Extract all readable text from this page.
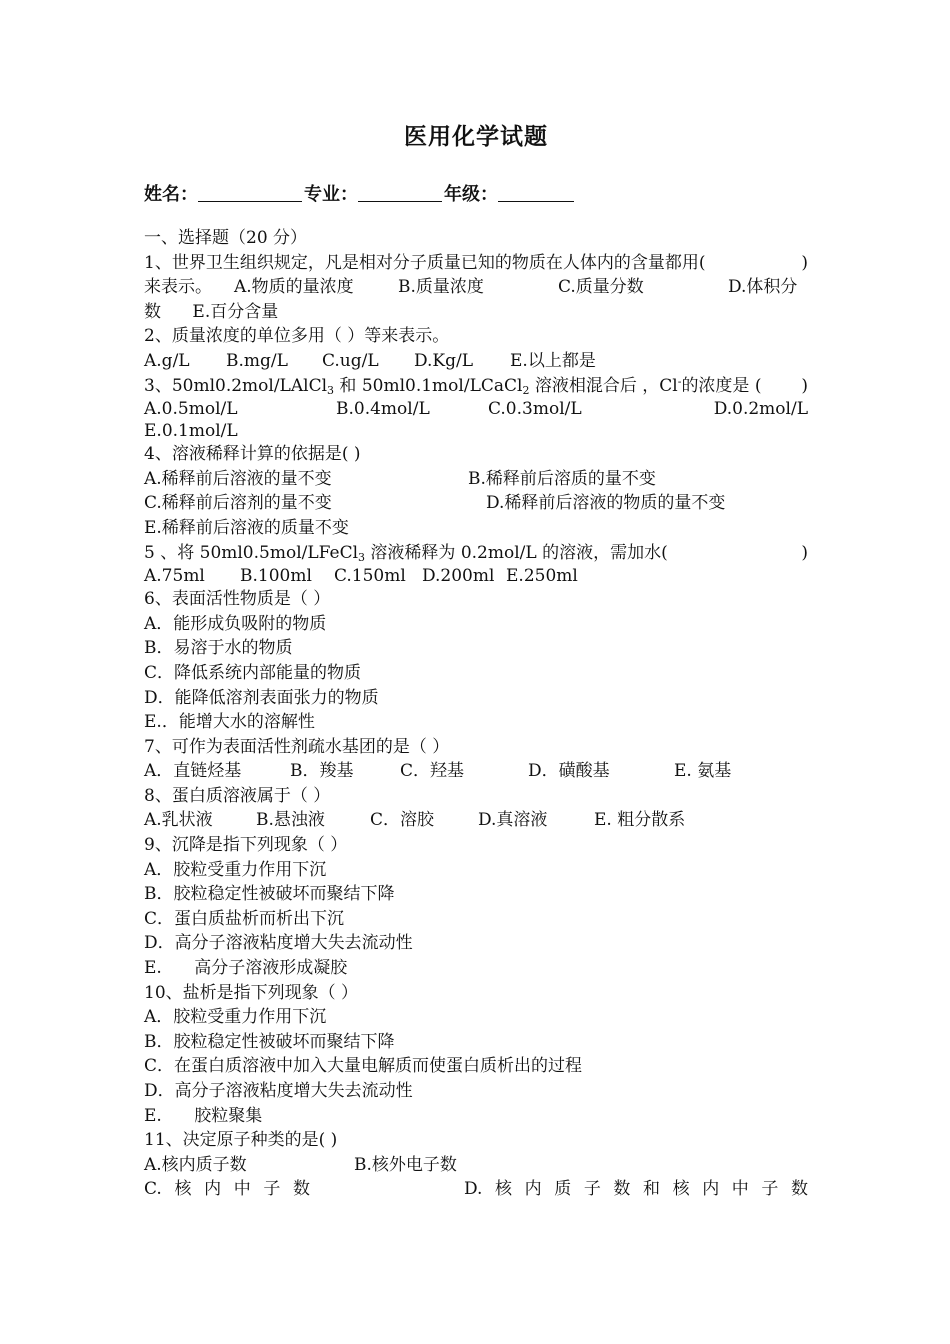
医用化学试题
姓名：	专业：	年级：
一、选择题（20 分）
1、世界卫生组织规定，凡是相对分子质量已知的物质在人体内的含量都用(	)
来表示。 A.物质的量浓度	B.质量浓度	C.质量分数	D.体积分
数 E.百分含量
2、质量浓度的单位多用（ ）等来表示。
A.g/L B.mg/L C.ug/L D.Kg/L E.以上都是
3、50ml0.2mol/LAlCl$_3$ 和 50ml0.1mol/LCaCl$_2$ 溶液相混合后 ，Cl-的浓度是 ( )
A.0.5mol/L	B.0.4mol/L	C.0.3mol/L	D.0.2mol/L
E.0.1mol/L
4、溶液稀释计算的依据是( )
A.稀释前后溶液的量不变	B.稀释前后溶质的量不变
C.稀释前后溶剂的量不变	D.稀释前后溶液的物质的量不变
E.稀释前后溶液的质量不变
5 、将 50ml0.5mol/LFeCl$_3$ 溶液稀释为 0.2mol/L 的溶液，需加水(	)
A.75ml B.100ml C.150ml D.200ml E.250ml
6、表面活性物质是（ ）
A．能形成负吸附的物质
B．易溶于水的物质
C．降低系统内部能量的物质
D．能降低溶剂表面张力的物质
E.．能增大水的溶解性
7、可作为表面活性剂疏水基团的是（ ）
A．直链烃基	B．羧基	C．羟基	D．磺酸基	E. 氨基
8、蛋白质溶液属于（ ）
A.乳状液	B.悬浊液	C．溶胶	D.真溶液	E. 粗分散系
9、沉降是指下列现象（ ）
A．胶粒受重力作用下沉
B．胶粒稳定性被破坏而聚结下降
C．蛋白质盐析而析出下沉
D．高分子溶液粘度增大失去流动性
E.      高分子溶液形成凝胶
10、盐析是指下列现象（ ）
A．胶粒受重力作用下沉
B．胶粒稳定性被破坏而聚结下降
C．在蛋白质溶液中加入大量电解质而使蛋白质析出的过程
D．高分子溶液粘度增大失去流动性
E.      胶粒聚集
11、决定原子种类的是( )
A.核内质子数	B.核外电子数
C. 核 内 中 子 数	D. 核 内 质 子 数 和 核 内 中 子 数
